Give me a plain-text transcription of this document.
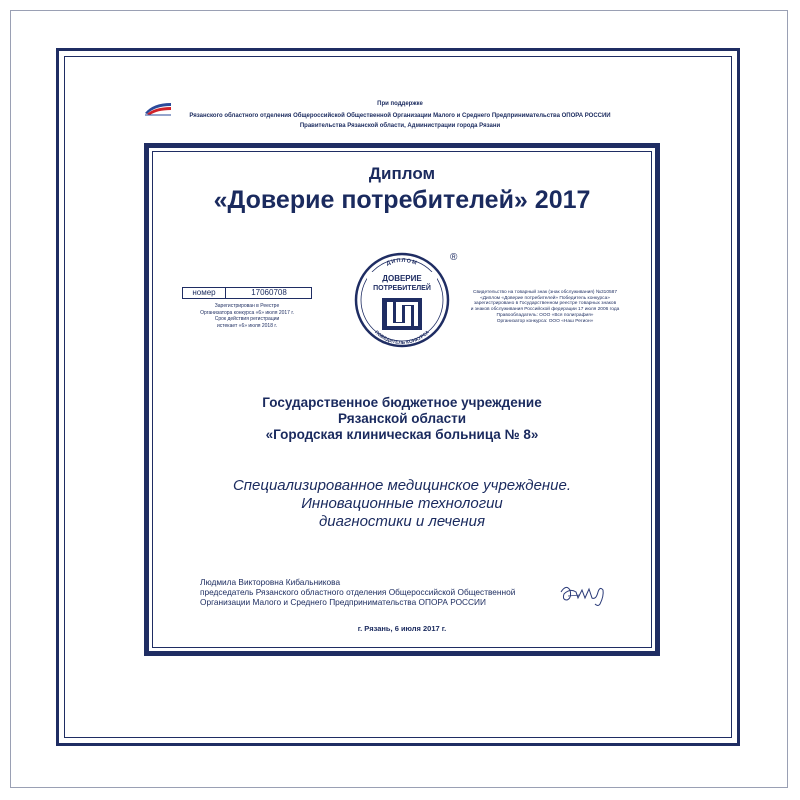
При поддержке
Рязанского областного отделения Общероссийской Общественной Организации Малого и Среднего Предпринимательства ОПОРА РОССИИ
Правительства Рязанской области, Администрации города Рязани
Диплом
«Доверие потребителей» 2017
номер	17060708
Зарегистрирован в Реестре
Организатора конкурса «6» июля 2017 г.
Срок действия регистрации
истекает «6» июля 2018 г.
ДИПЛОМ
ДОВЕРИЕ
ПОТРЕБИТЕЛЕЙ
ПОБЕДИТЕЛЬ КОНКУРСА
®
Свидетельство на товарный знак (знак обслуживания) №310587
«Диплом «Доверие потребителей» Победитель конкурса»
зарегистрировано в Государственном реестре товарных знаков
и знаков обслуживания Российской федерации 17 июля 2006 года
Правообладатель: ООО «Вся полиграфия»
Организатор конкурса: ООО «Наш Регион»
Государственное бюджетное учреждение
Рязанской области
«Городская клиническая больница № 8»
Специализированное медицинское учреждение.
Инновационные технологии
диагностики и лечения
Людмила Викторовна Кибальникова
председатель Рязанского областного отделения Общероссийской Общественной
Организации Малого и Среднего Предпринимательства ОПОРА РОССИИ
г. Рязань, 6 июля 2017 г.
